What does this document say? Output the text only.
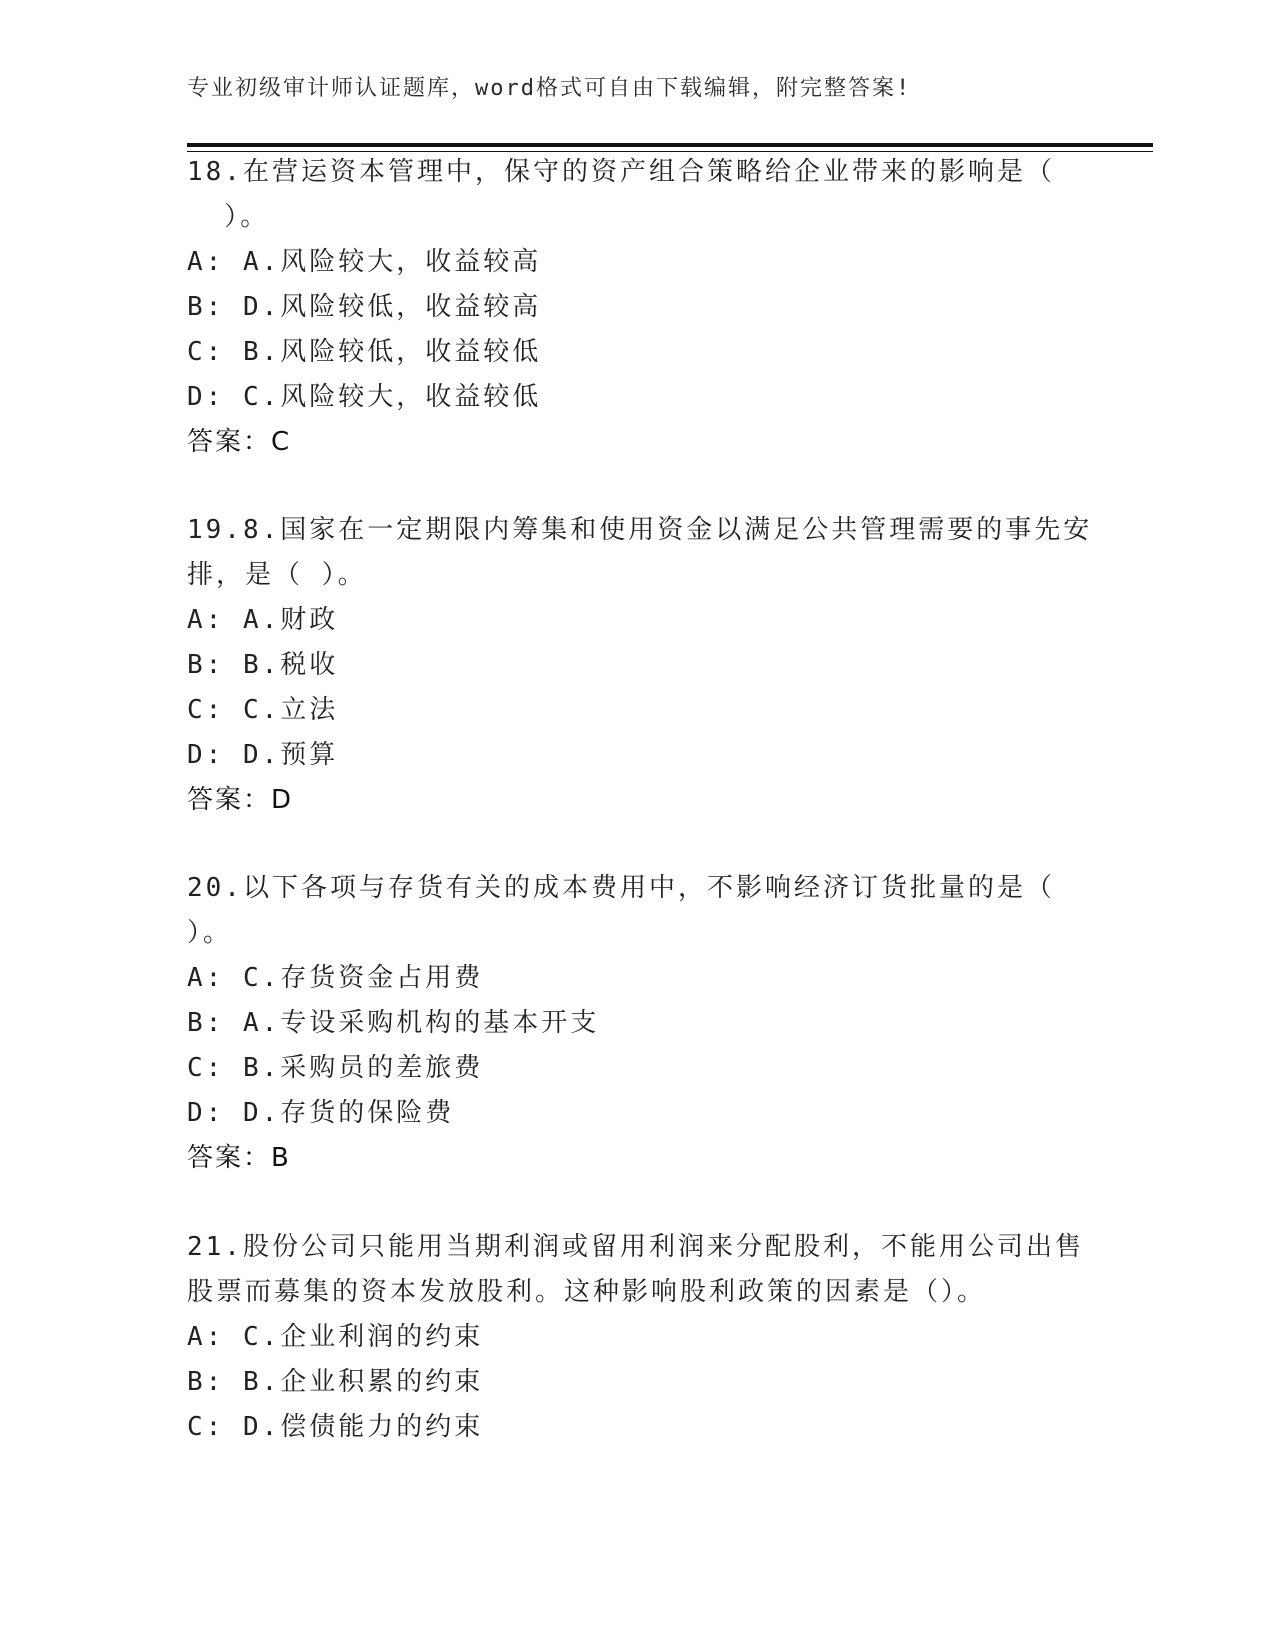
专业初级审计师认证题库，word格式可自由下载编辑，附完整答案!
18.在营运资本管理中，保守的资产组合策略给企业带来的影响是（
）。
A: A.风险较大，收益较高
B: D.风险较低，收益较高
C: B.风险较低，收益较低
D: C.风险较大，收益较低
答案：C
19.8.国家在一定期限内筹集和使用资金以满足公共管理需要的事先安
排，是（ ）。
A: A.财政
B: B.税收
C: C.立法
D: D.预算
答案：D
20.以下各项与存货有关的成本费用中，不影响经济订货批量的是（
）。
A: C.存货资金占用费
B: A.专设采购机构的基本开支
C: B.采购员的差旅费
D: D.存货的保险费
答案：B
21.股份公司只能用当期利润或留用利润来分配股利，不能用公司出售
股票而募集的资本发放股利。这种影响股利政策的因素是（）。
A: C.企业利润的约束
B: B.企业积累的约束
C: D.偿债能力的约束
